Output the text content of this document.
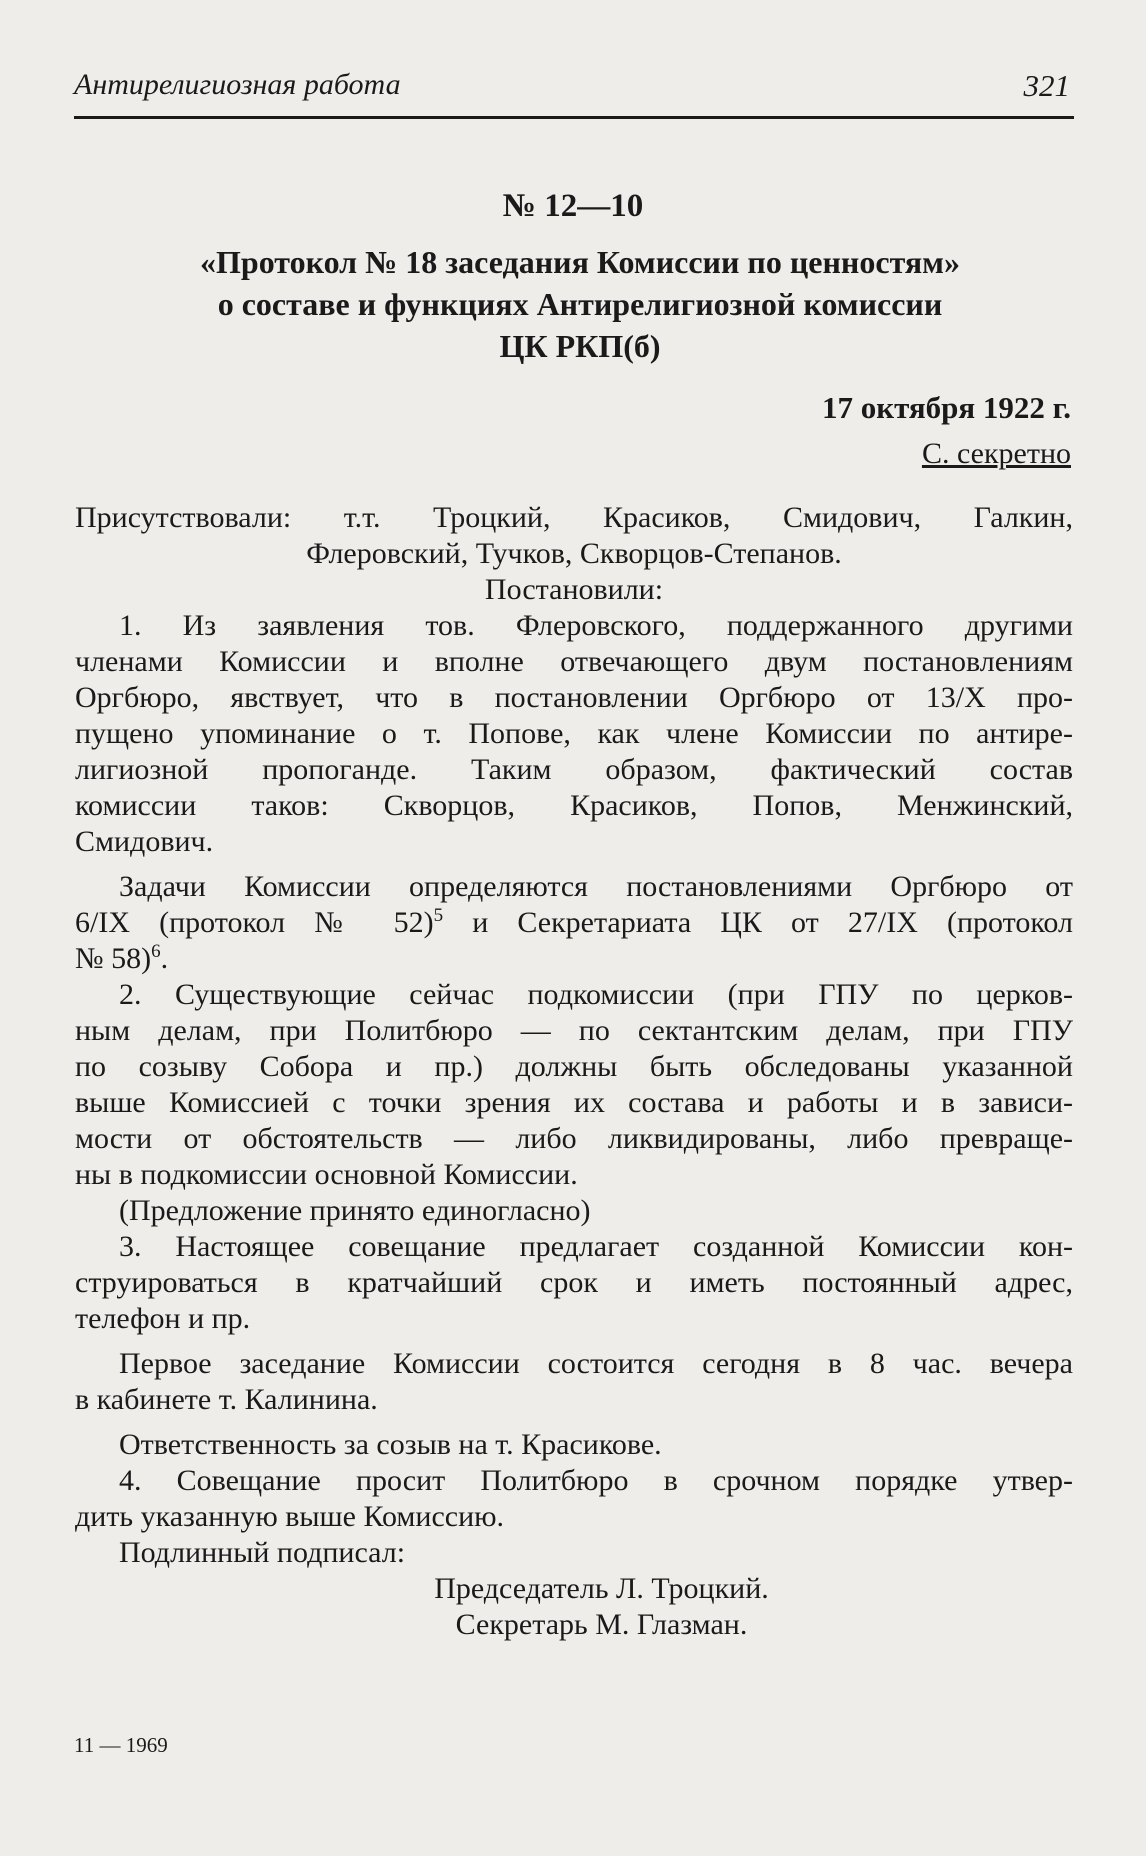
Антирелигиозная работа	321
№ 12—10
«Протокол № 18 заседания Комиссии по ценностям»
о составе и функциях Антирелигиозной комиссии
ЦК РКП(б)
17 октября 1922 г.
С. секретно

Присутствовали: т.т. Троцкий, Красиков, Смидович, Галкин,

Флеровский, Тучков, Скворцов-Степанов.

Постановили:

1. Из заявления тов. Флеровского, поддержанного другими

членами Комиссии и вполне отвечающего двум постановлениям

Оргбюро, явствует, что в постановлении Оргбюро от 13/X про-

пущено упоминание о т. Попове, как члене Комиссии по антире-

лигиозной пропоганде. Таким образом, фактический состав

комиссии таков: Скворцов, Красиков, Попов, Менжинский,

Смидович.

Задачи Комиссии определяются постановлениями Оргбюро от

6/IX (протокол № 52)$^5$ и Секретариата ЦК от 27/IX (протокол

№ 58)$^6$.

2. Существующие сейчас подкомиссии (при ГПУ по церков-

ным делам, при Политбюро — по сектантским делам, при ГПУ

по созыву Собора и пр.) должны быть обследованы указанной

выше Комиссией с точки зрения их состава и работы и в зависи-

мости от обстоятельств — либо ликвидированы, либо превраще-

ны в подкомиссии основной Комиссии.

(Предложение принято единогласно)

3. Настоящее совещание предлагает созданной Комиссии кон-

струироваться в кратчайший срок и иметь постоянный адрес,

телефон и пр.

Первое заседание Комиссии состоится сегодня в 8 час. вечера

в кабинете т. Калинина.

Ответственность за созыв на т. Красикове.

4. Совещание просит Политбюро в срочном порядке утвер-

дить указанную выше Комиссию.

Подлинный подписал:

Председатель Л. Троцкий.

Секретарь М. Глазман.

11 — 1969
